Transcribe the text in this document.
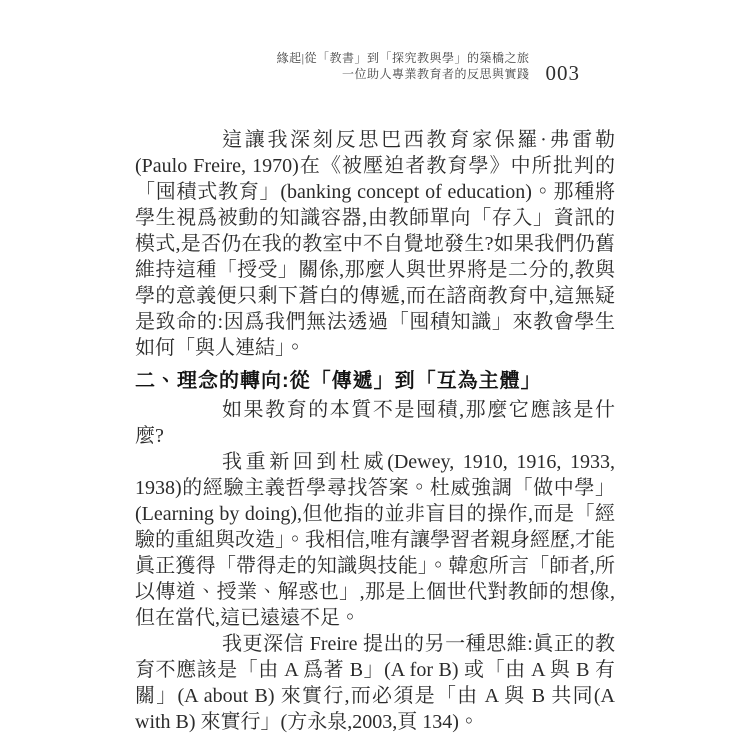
緣起|從「教書」到「探究教與學」的築橋之旅
一位助人專業教育者的反思與實踐 003

這讓我深刻反思巴西教育家保羅·弗雷勒(Paulo Freire, 1970)在《被壓迫者教育學》中所批判的「囤積式教育」(banking concept of education)。那種將學生視爲被動的知識容器,由教師單向「存入」資訊的模式,是否仍在我的教室中不自覺地發生?如果我們仍舊維持這種「授受」關係,那麼人與世界將是二分的,教與學的意義便只剩下蒼白的傳遞,而在諮商教育中,這無疑是致命的:因爲我們無法透過「囤積知識」來教會學生如何「與人連結」。

二、理念的轉向:從「傳遞」到「互為主體」

如果教育的本質不是囤積,那麼它應該是什麼?

我重新回到杜威(Dewey, 1910, 1916, 1933, 1938)的經驗主義哲學尋找答案。杜威強調「做中學」(Learning by doing),但他指的並非盲目的操作,而是「經驗的重組與改造」。我相信,唯有讓學習者親身經歷,才能眞正獲得「帶得走的知識與技能」。韓愈所言「師者,所以傳道、授業、解惑也」,那是上個世代對教師的想像,但在當代,這已遠遠不足。

我更深信 Freire 提出的另一種思維:眞正的教育不應該是「由 A 爲著 B」(A for B) 或「由 A 與 B 有關」(A about B) 來實行,而必須是「由 A 與 B 共同(A with B) 來實行」(方永泉,2003,頁 134)。
